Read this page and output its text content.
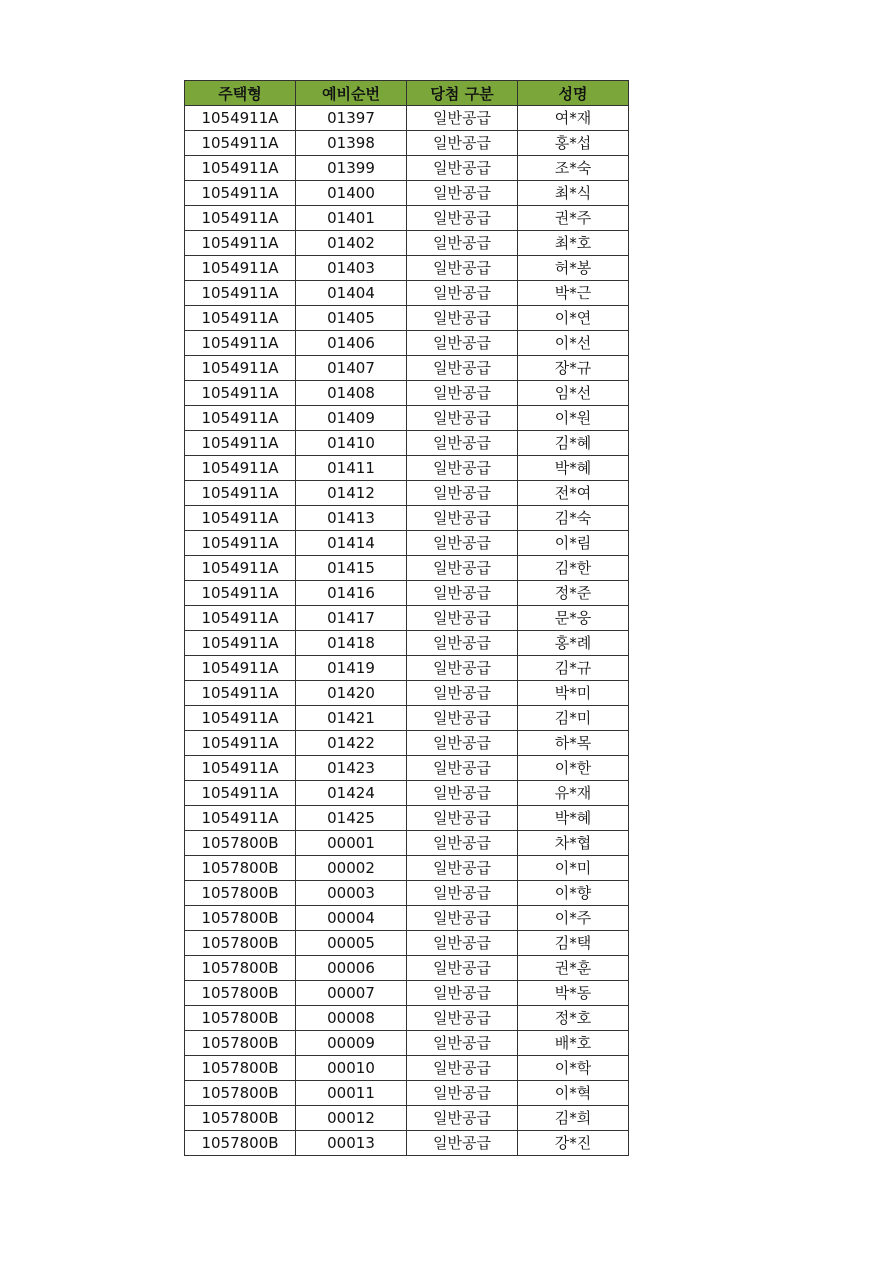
주택형	예비순번	당첨 구분	성명
1054911A	01397	일반공급	여*재
1054911A	01398	일반공급	홍*섭
1054911A	01399	일반공급	조*숙
1054911A	01400	일반공급	최*식
1054911A	01401	일반공급	권*주
1054911A	01402	일반공급	최*호
1054911A	01403	일반공급	허*봉
1054911A	01404	일반공급	박*근
1054911A	01405	일반공급	이*연
1054911A	01406	일반공급	이*선
1054911A	01407	일반공급	장*규
1054911A	01408	일반공급	임*선
1054911A	01409	일반공급	이*원
1054911A	01410	일반공급	김*혜
1054911A	01411	일반공급	박*혜
1054911A	01412	일반공급	전*여
1054911A	01413	일반공급	김*숙
1054911A	01414	일반공급	이*림
1054911A	01415	일반공급	김*한
1054911A	01416	일반공급	정*준
1054911A	01417	일반공급	문*웅
1054911A	01418	일반공급	홍*례
1054911A	01419	일반공급	김*규
1054911A	01420	일반공급	박*미
1054911A	01421	일반공급	김*미
1054911A	01422	일반공급	하*목
1054911A	01423	일반공급	이*한
1054911A	01424	일반공급	유*재
1054911A	01425	일반공급	박*혜
1057800B	00001	일반공급	차*협
1057800B	00002	일반공급	이*미
1057800B	00003	일반공급	이*향
1057800B	00004	일반공급	이*주
1057800B	00005	일반공급	김*택
1057800B	00006	일반공급	권*훈
1057800B	00007	일반공급	박*동
1057800B	00008	일반공급	정*호
1057800B	00009	일반공급	배*호
1057800B	00010	일반공급	이*학
1057800B	00011	일반공급	이*혁
1057800B	00012	일반공급	김*희
1057800B	00013	일반공급	강*진
